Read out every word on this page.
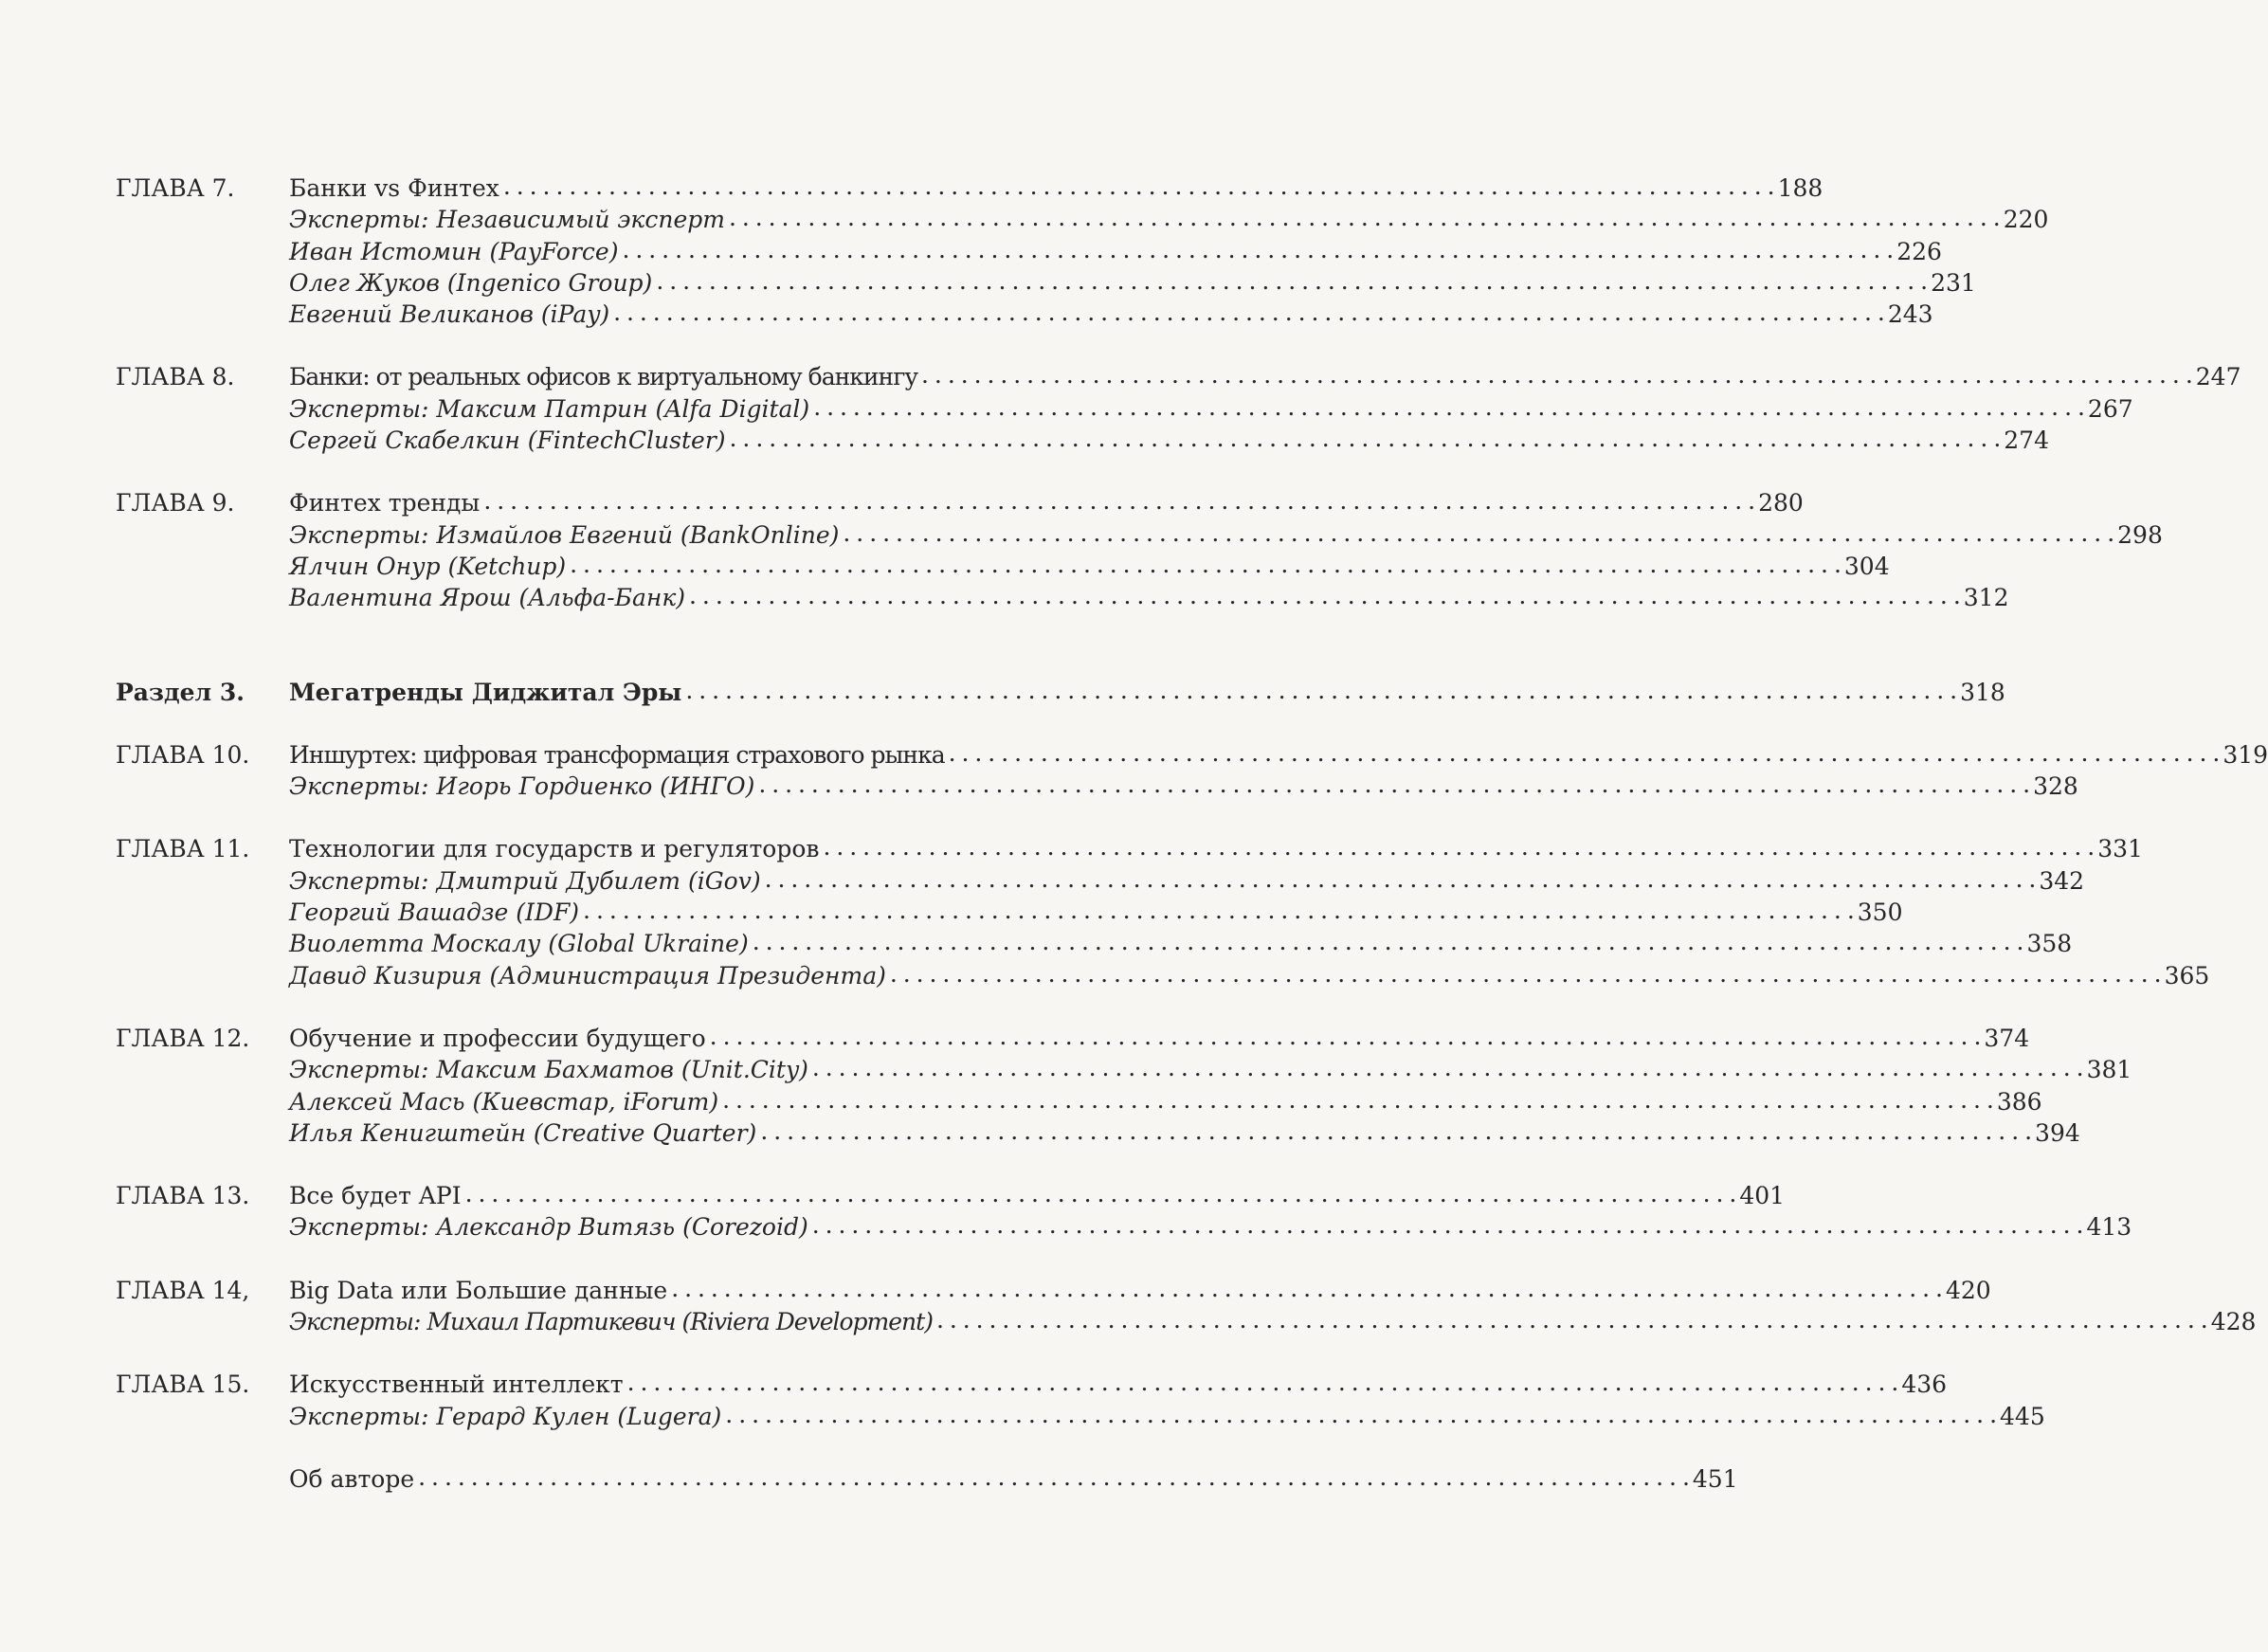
ГЛАВА 7.	Банки vs Финтех . . .	188
Эксперты: Независимый эксперт . . .	220
Иван Истомин (PayForce) . . .	226
Олег Жуков (Ingenico Group) . . .	231
Евгений Великанов (iPay) . . .	243
ГЛАВА 8.	Банки: от реальных офисов к виртуальному банкингу . . .	247
Эксперты: Максим Патрин (Alfa Digital) . . .	267
Сергей Скабелкин (FintechCluster) . . .	274
ГЛАВА 9.	Финтех тренды . . .	280
Эксперты: Измайлов Евгений (BankOnline) . . .	298
Ялчин Онур (Ketchup) . . .	304
Валентина Ярош (Альфа-Банк) . . .	312
Раздел 3.	Мегатренды Диджитал Эры . . .	318
ГЛАВА 10.	Иншуртех: цифровая трансформация страхового рынка . . .	319
Эксперты: Игорь Гордиенко (ИНГО) . . .	328
ГЛАВА 11.	Технологии для государств и регуляторов . . .	331
Эксперты: Дмитрий Дубилет (iGov) . . .	342
Георгий Вашадзе (IDF) . . .	350
Виолетта Москалу (Global Ukraine) . . .	358
Давид Кизирия (Администрация Президента) . . .	365
ГЛАВА 12.	Обучение и профессии будущего . . .	374
Эксперты: Максим Бахматов (Unit.City) . . .	381
Алексей Мась (Киевстар, iForum) . . .	386
Илья Кенигштейн (Creative Quarter) . . .	394
ГЛАВА 13.	Все будет API . . .	401
Эксперты: Александр Витязь (Corezoid) . . .	413
ГЛАВА 14,	Big Data или Большие данные . . .	420
Эксперты: Михаил Партикевич (Riviera Development) . . .	428
ГЛАВА 15.	Искусственный интеллект . . .	436
Эксперты: Герард Кулен (Lugera) . . .	445
Об авторе . . .	451
